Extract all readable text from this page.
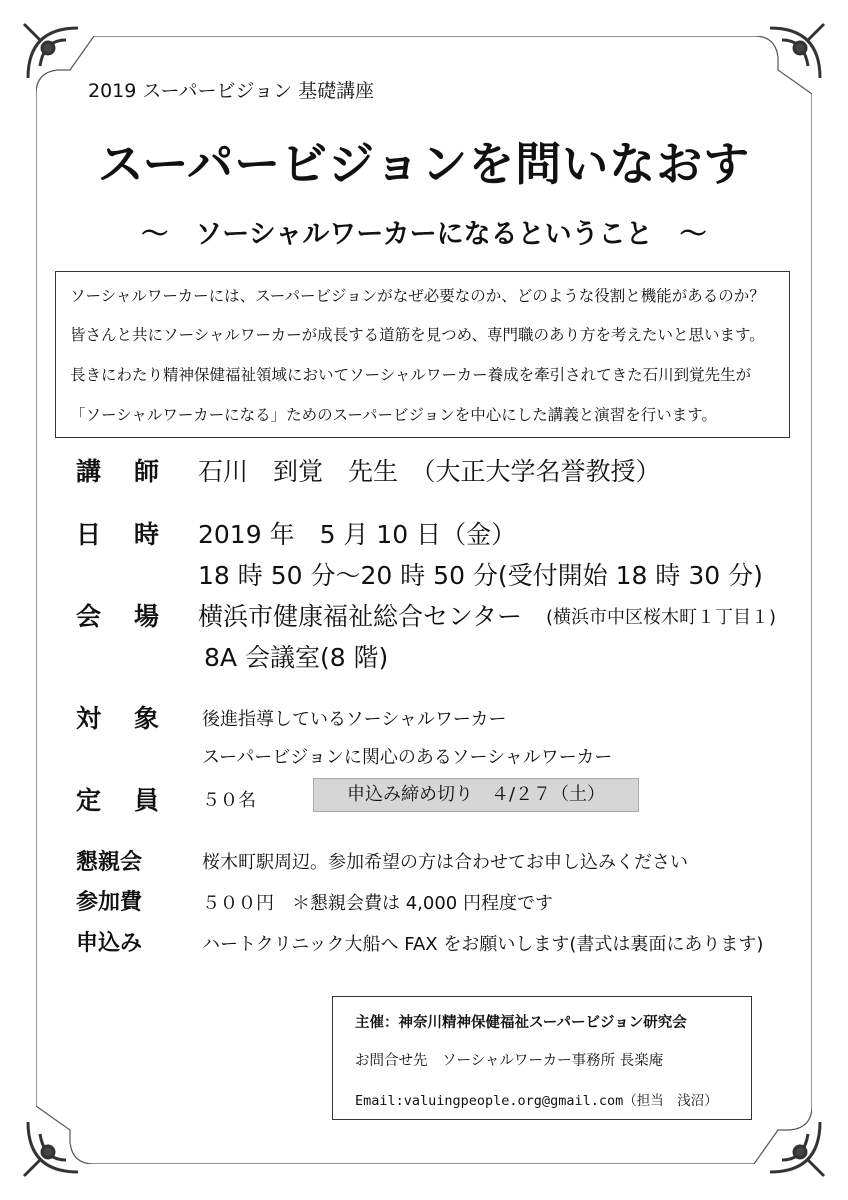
2019 スーパービジョン 基礎講座
スーパービジョンを問いなおす
～　ソーシャルワーカーになるということ　～
ソーシャルワーカーには、スーパービジョンがなぜ必要なのか、どのような役割と機能があるのか？
皆さんと共にソーシャルワーカーが成長する道筋を見つめ、専門職のあり方を考えたいと思います。
長きにわたり精神保健福祉領域においてソーシャルワーカー養成を牽引されてきた石川到覚先生が
「ソーシャルワーカーになる」ためのスーパービジョンを中心にした講義と演習を行います。
講　師 石川　到覚　先生　（大正大学名誉教授）
日　時 2019 年　5 月 10 日（金）
18 時 50 分～20 時 50 分(受付開始 18 時 30 分)
会　場 横浜市健康福祉総合センター (横浜市中区桜木町１丁目１)
8A 会議室(8 階)
対　象 後進指導しているソーシャルワーカー
スーパービジョンに関心のあるソーシャルワーカー
定　員 ５０名	申込み締め切り　４/２７（土）
懇親会	桜木町駅周辺。参加希望の方は合わせてお申し込みください
参加費	５００円　＊懇親会費は 4,000 円程度です
申込み	ハートクリニック大船へ FAX をお願いします(書式は裏面にあります)
主催：神奈川精神保健福祉スーパービジョン研究会
お問合せ先　ソーシャルワーカー事務所 長楽庵
Email:valuingpeople.org@gmail.com（担当　浅沼）
